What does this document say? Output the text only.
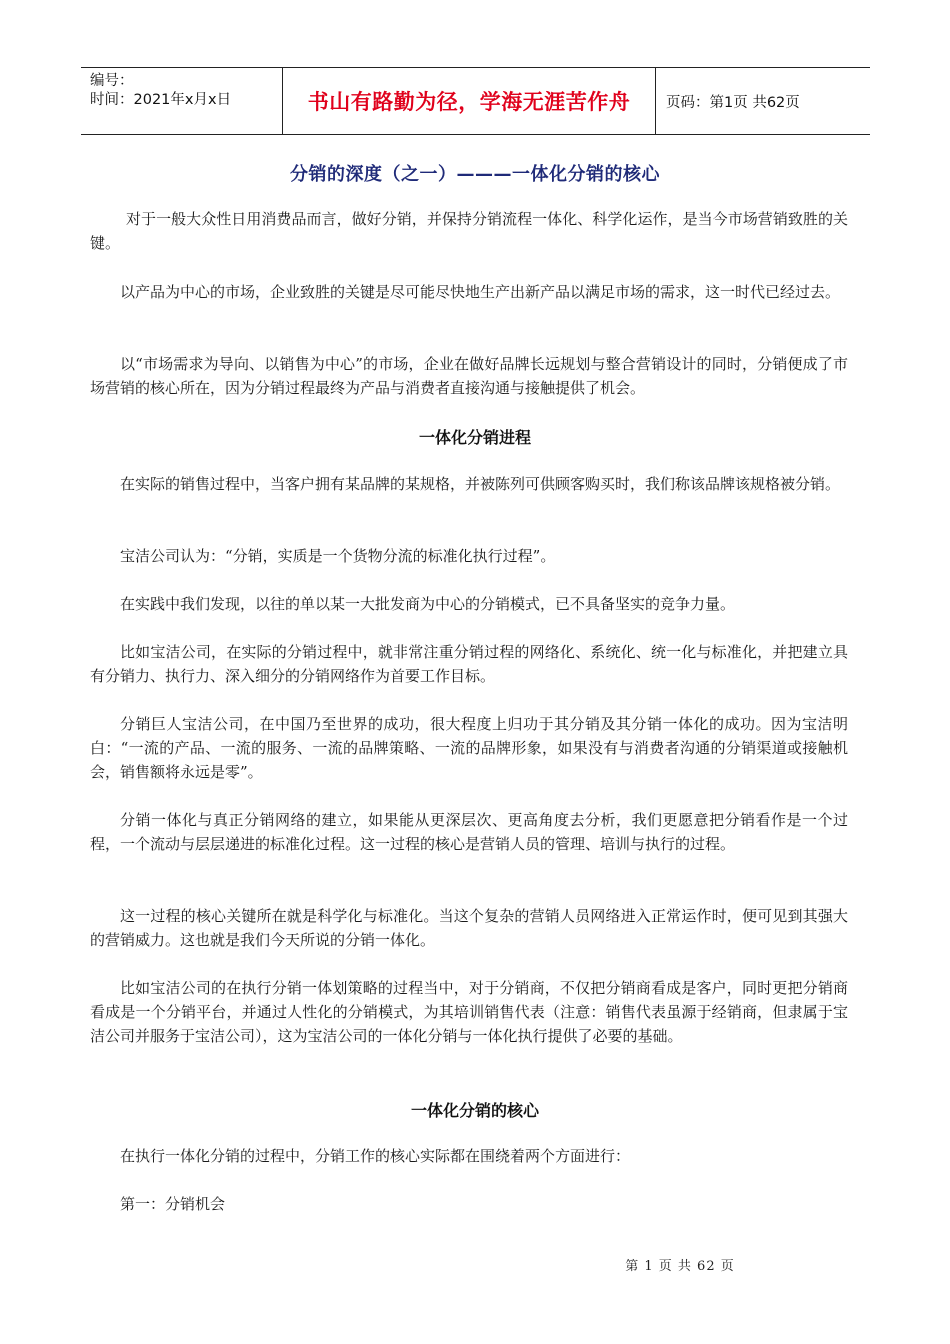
编号：
时间：2021年x月x日	书山有路勤为径，学海无涯苦作舟	页码：第1页 共62页
分销的深度（之一）———一体化分销的核心

对于一般大众性日用消费品而言，做好分销，并保持分销流程一体化、科学化运作，是当今市场营销致胜的关键。

以产品为中心的市场，企业致胜的关键是尽可能尽快地生产出新产品以满足市场的需求，这一时代已经过去。

以“市场需求为导向、以销售为中心”的市场，企业在做好品牌长远规划与整合营销设计的同时，分销便成了市场营销的核心所在，因为分销过程最终为产品与消费者直接沟通与接触提供了机会。

一体化分销进程

在实际的销售过程中，当客户拥有某品牌的某规格，并被陈列可供顾客购买时，我们称该品牌该规格被分销。

宝洁公司认为：“分销，实质是一个货物分流的标准化执行过程”。

在实践中我们发现，以往的单以某一大批发商为中心的分销模式，已不具备坚实的竞争力量。

比如宝洁公司，在实际的分销过程中，就非常注重分销过程的网络化、系统化、统一化与标准化，并把建立具有分销力、执行力、深入细分的分销网络作为首要工作目标。

分销巨人宝洁公司，在中国乃至世界的成功，很大程度上归功于其分销及其分销一体化的成功。因为宝洁明白：“一流的产品、一流的服务、一流的品牌策略、一流的品牌形象，如果没有与消费者沟通的分销渠道或接触机会，销售额将永远是零”。

分销一体化与真正分销网络的建立，如果能从更深层次、更高角度去分析，我们更愿意把分销看作是一个过程，一个流动与层层递进的标准化过程。这一过程的核心是营销人员的管理、培训与执行的过程。

这一过程的核心关键所在就是科学化与标准化。当这个复杂的营销人员网络进入正常运作时，便可见到其强大的营销威力。这也就是我们今天所说的分销一体化。

比如宝洁公司的在执行分销一体划策略的过程当中，对于分销商，不仅把分销商看成是客户，同时更把分销商看成是一个分销平台，并通过人性化的分销模式，为其培训销售代表（注意：销售代表虽源于经销商，但隶属于宝洁公司并服务于宝洁公司），这为宝洁公司的一体化分销与一体化执行提供了必要的基础。

一体化分销的核心

在执行一体化分销的过程中，分销工作的核心实际都在围绕着两个方面进行：

第一：分销机会

第 1 页 共 62 页
